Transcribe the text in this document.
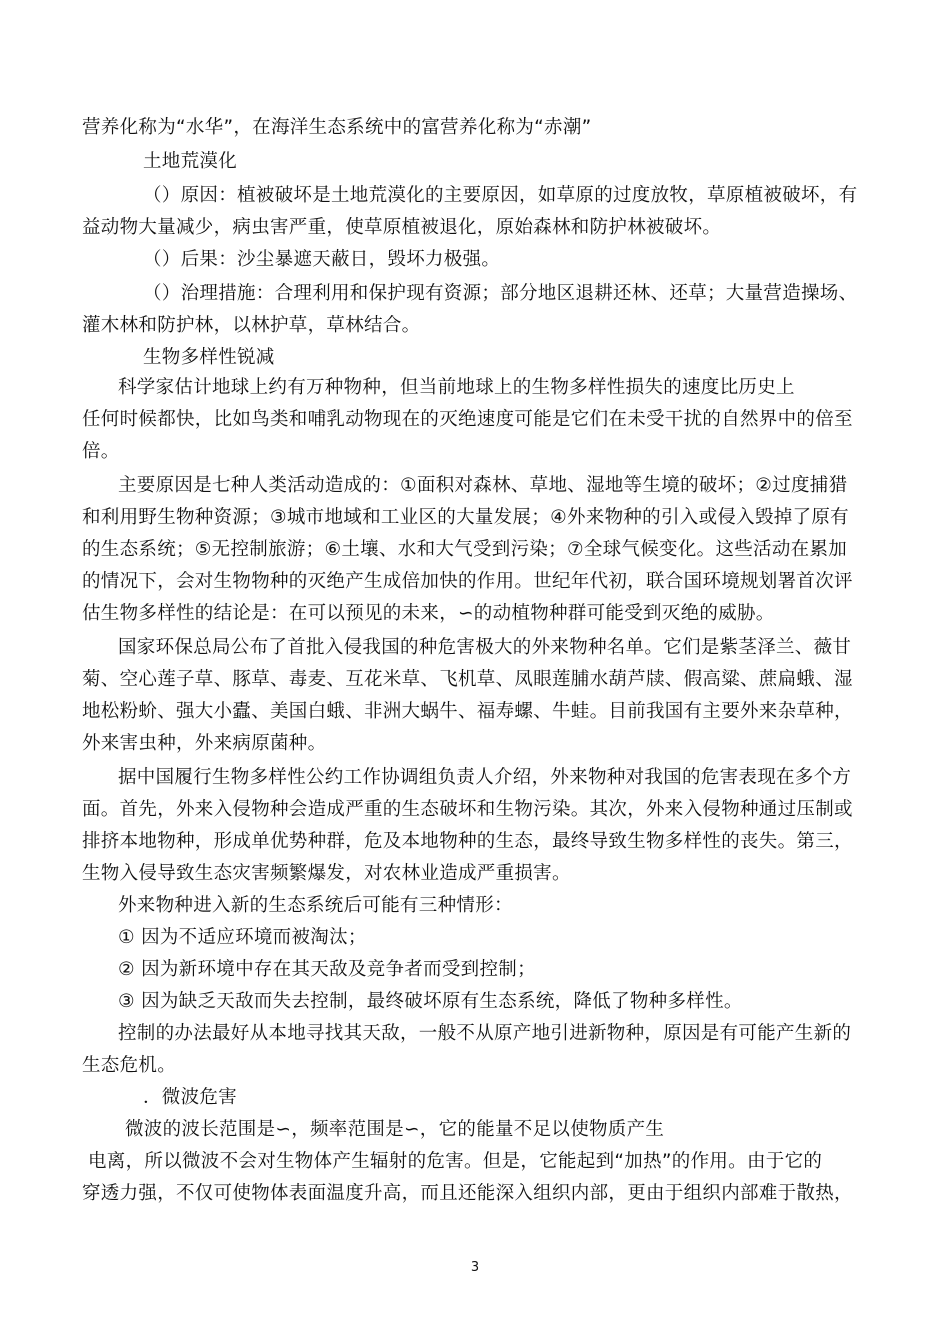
营养化称为“水华”，在海洋生态系统中的富营养化称为“赤潮”
土地荒漠化
（）原因：植被破坏是土地荒漠化的主要原因，如草原的过度放牧，草原植被破坏，有
益动物大量减少，病虫害严重，使草原植被退化，原始森林和防护林被破坏。
（）后果：沙尘暴遮天蔽日，毁坏力极强。
（）治理措施：合理利用和保护现有资源；部分地区退耕还林、还草；大量营造操场、
灌木林和防护林，以林护草，草林结合。
生物多样性锐减
科学家估计地球上约有万种物种，但当前地球上的生物多样性损失的速度比历史上
任何时候都快，比如鸟类和哺乳动物现在的灭绝速度可能是它们在未受干扰的自然界中的倍至
倍。
主要原因是七种人类活动造成的：①面积对森林、草地、湿地等生境的破坏；②过度捕猎
和利用野生物种资源；③城市地域和工业区的大量发展；④外来物种的引入或侵入毁掉了原有
的生态系统；⑤无控制旅游；⑥土壤、水和大气受到污染；⑦全球气候变化。这些活动在累加
的情况下，会对生物物种的灭绝产生成倍加快的作用。世纪年代初，联合国环境规划署首次评
估生物多样性的结论是：在可以预见的未来，∽的动植物种群可能受到灭绝的威胁。
国家环保总局公布了首批入侵我国的种危害极大的外来物种名单。它们是紫茎泽兰、薇甘
菊、空心莲子草、豚草、毒麦、互花米草、飞机草、凤眼莲脯水葫芦牍、假高粱、蔗扁蛾、湿
地松粉蚧、强大小蠹、美国白蛾、非洲大蜗牛、福寿螺、牛蛙。目前我国有主要外来杂草种，
外来害虫种，外来病原菌种。
据中国履行生物多样性公约工作协调组负责人介绍，外来物种对我国的危害表现在多个方
面。首先，外来入侵物种会造成严重的生态破坏和生物污染。其次，外来入侵物种通过压制或
排挤本地物种，形成单优势种群，危及本地物种的生态，最终导致生物多样性的丧失。第三，
生物入侵导致生态灾害频繁爆发，对农林业造成严重损害。
外来物种进入新的生态系统后可能有三种情形：
① 因为不适应环境而被淘汰；
② 因为新环境中存在其天敌及竞争者而受到控制；
③ 因为缺乏天敌而失去控制，最终破坏原有生态系统，降低了物种多样性。
控制的办法最好从本地寻找其天敌，一般不从原产地引进新物种，原因是有可能产生新的
生态危机。
．微波危害
微波的波长范围是∽，频率范围是∽，它的能量不足以使物质产生
电离，所以微波不会对生物体产生辐射的危害。但是，它能起到“加热”的作用。由于它的
穿透力强，不仅可使物体表面温度升高，而且还能深入组织内部，更由于组织内部难于散热，
3
